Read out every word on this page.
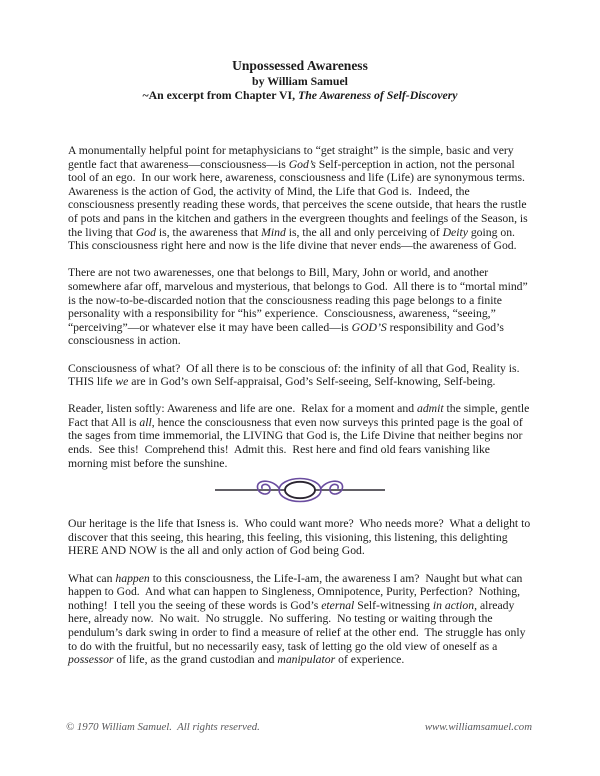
Unpossessed Awareness
by William Samuel
~An excerpt from Chapter VI, The Awareness of Self-Discovery

A monumentally helpful point for metaphysicians to “get straight” is the simple, basic and very gentle fact that awareness—consciousness—is God’s Self-perception in action, not the personal tool of an ego.  In our work here, awareness, consciousness and life (Life) are synonymous terms.  Awareness is the action of God, the activity of Mind, the Life that God is.  Indeed, the consciousness presently reading these words, that perceives the scene outside, that hears the rustle of pots and pans in the kitchen and gathers in the evergreen thoughts and feelings of the Season, is the living that God is, the awareness that Mind is, the all and only perceiving of Deity going on.  This consciousness right here and now is the life divine that never ends—the awareness of God.

There are not two awarenesses, one that belongs to Bill, Mary, John or world, and another somewhere afar off, marvelous and mysterious, that belongs to God.  All there is to “mortal mind” is the now-to-be-discarded notion that the consciousness reading this page belongs to a finite personality with a responsibility for “his” experience.  Consciousness, awareness, “seeing,” “perceiving”—or whatever else it may have been called—is GOD’S responsibility and God’s consciousness in action.

Consciousness of what?  Of all there is to be conscious of: the infinity of all that God, Reality is.  THIS life we are in God’s own Self-appraisal, God’s Self-seeing, Self-knowing, Self-being.

Reader, listen softly: Awareness and life are one.  Relax for a moment and admit the simple, gentle Fact that All is all, hence the consciousness that even now surveys this printed page is the goal of the sages from time immemorial, the LIVING that God is, the Life Divine that neither begins nor ends.  See this!  Comprehend this!  Admit this.  Rest here and find old fears vanishing like morning mist before the sunshine.

Our heritage is the life that Isness is.  Who could want more?  Who needs more?  What a delight to discover that this seeing, this hearing, this feeling, this visioning, this listening, this delighting HERE AND NOW is the all and only action of God being God.

What can happen to this consciousness, the Life-I-am, the awareness I am?  Naught but what can happen to God.  And what can happen to Singleness, Omnipotence, Purity, Perfection?  Nothing, nothing!  I tell you the seeing of these words is God’s eternal Self-witnessing in action, already here, already now.  No wait.  No struggle.  No suffering.  No testing or waiting through the pendulum’s dark swing in order to find a measure of relief at the other end.  The struggle has only to do with the fruitful, but no necessarily easy, task of letting go the old view of oneself as a possessor of life, as the grand custodian and manipulator of experience.

© 1970 William Samuel.  All rights reserved.	www.williamsamuel.com
